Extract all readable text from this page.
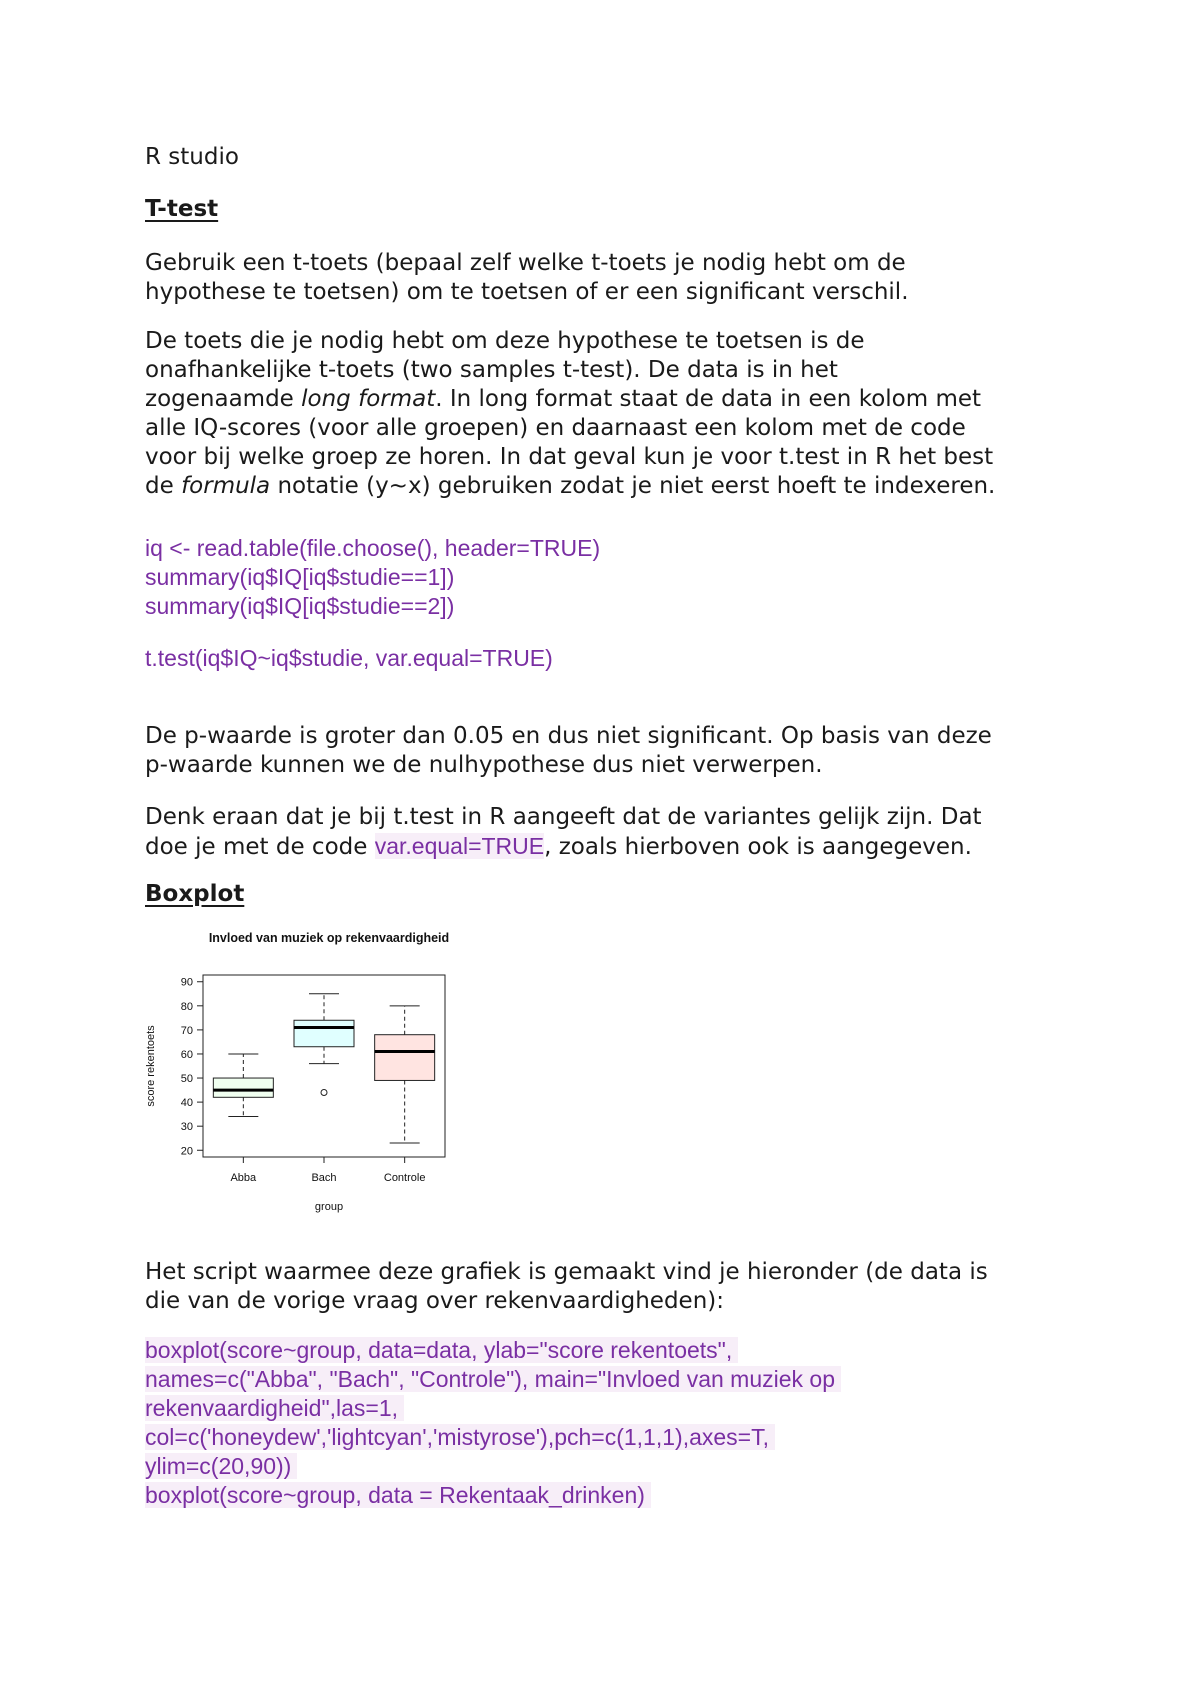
R studio
T-test
Gebruik een t-toets (bepaal zelf welke t-toets je nodig hebt om de
hypothese te toetsen) om te toetsen of er een significant verschil.
De toets die je nodig hebt om deze hypothese te toetsen is de
onafhankelijke t-toets (two samples t-test). De data is in het
zogenaamde long format. In long format staat de data in een kolom met
alle IQ-scores (voor alle groepen) en daarnaast een kolom met de code
voor bij welke groep ze horen. In dat geval kun je voor t.test in R het best
de formula notatie (y~x) gebruiken zodat je niet eerst hoeft te indexeren.
iq <- read.table(file.choose(), header=TRUE)
summary(iq$IQ[iq$studie==1])
summary(iq$IQ[iq$studie==2])
t.test(iq$IQ~iq$studie, var.equal=TRUE)
De p-waarde is groter dan 0.05 en dus niet significant. Op basis van deze
p-waarde kunnen we de nulhypothese dus niet verwerpen.
Denk eraan dat je bij t.test in R aangeeft dat de variantes gelijk zijn. Dat
doe je met de code var.equal=TRUE, zoals hierboven ook is aangegeven.
Boxplot
Invloed van muziek op rekenvaardigheid
20
30
40
50
60
70
80
90
score rekentoets
Abba	Bach	Controle
group
Het script waarmee deze grafiek is gemaakt vind je hieronder (de data is
die van de vorige vraag over rekenvaardigheden):
boxplot(score~group, data=data, ylab="score rekentoets",
names=c("Abba", "Bach", "Controle"), main="Invloed van muziek op
rekenvaardigheid",las=1,
col=c('honeydew','lightcyan','mistyrose'),pch=c(1,1,1),axes=T,
ylim=c(20,90))
boxplot(score~group, data = Rekentaak_drinken)
